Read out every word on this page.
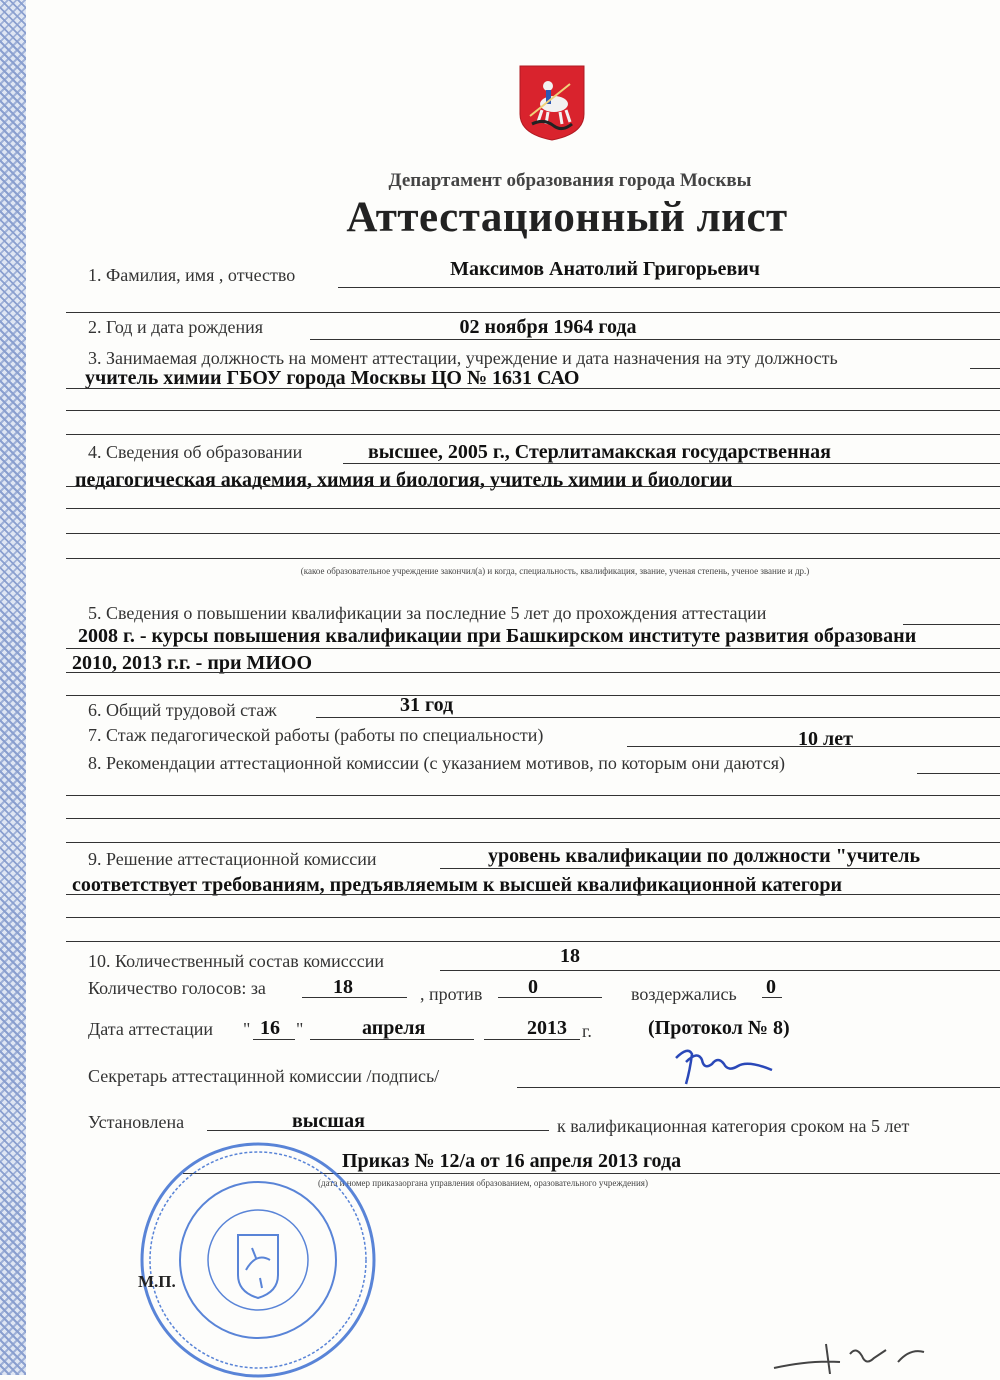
Департамент образования города Москвы
Аттестационный лист
1. Фамилия, имя , отчество	Максимов Анатолий Григорьевич
2. Год и дата рождения	02 ноября 1964 года
3. Занимаемая должность на момент аттестации, учреждение и дата назначения на эту должность
учитель химии ГБОУ города Москвы ЦО № 1631 САО
4. Сведения об образовании	высшее, 2005 г., Стерлитамакская государственная
педагогическая академия, химия и биология, учитель химии и биологии
(какое образовательное учреждение закончил(а) и когда, специальность, квалификация, звание, ученая степень, ученое звание и др.)
5. Сведения о повышении квалификации за последние 5 лет до прохождения аттестации
2008 г. - курсы повышения квалификации при Башкирском институте развития образовани
2010, 2013 г.г. - при МИОО
6. Общий трудовой стаж	31 год
7. Стаж педагогической работы (работы по специальности)	10 лет
8. Рекомендации аттестационной комиссии (с указанием мотивов, по которым они даются)
9. Решение аттестационной комиссии	уровень квалификации по должности "учитель
соответствует требованиям, предъявляемым к высшей квалификационной категори
10. Количественный состав комисссии	18
Количество голосов: за	18	, против 0	воздержались 0
Дата аттестации " 16 "	апреля	2013 г.	(Протокол № 8)
Секретарь аттестацинной комиссии /подпись/
Установлена	высшая	к валификационная категория сроком на 5 лет
Приказ № 12/а от 16 апреля 2013 года
(дата и номер приказаоргана управления образованием, оразовательного учреждения)
М.П.
